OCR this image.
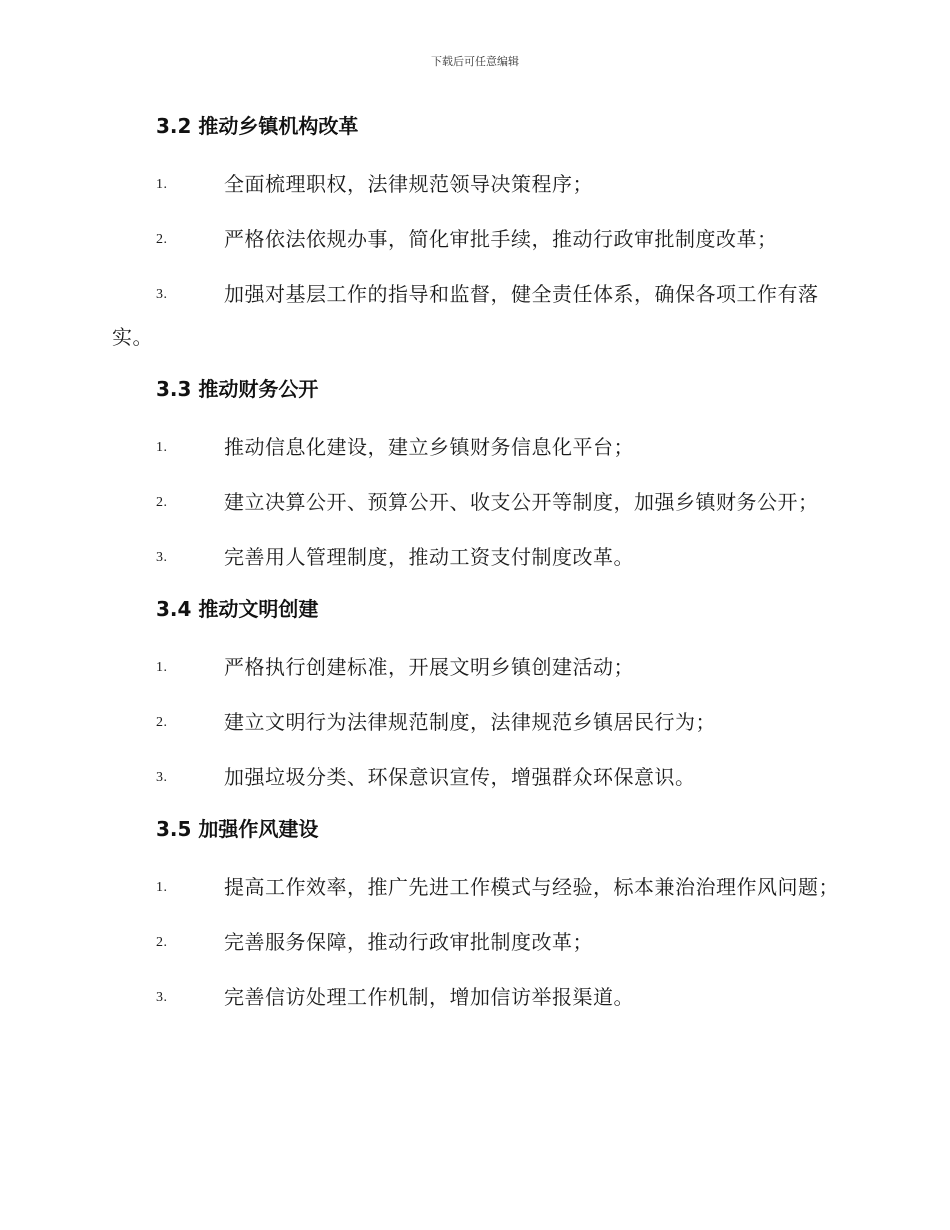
下载后可任意编辑
3.2 推动乡镇机构改革
1.	全面梳理职权，法律规范领导决策程序；
2.	严格依法依规办事，简化审批手续，推动行政审批制度改革；
3.	加强对基层工作的指导和监督，健全责任体系，确保各项工作有落实。
3.3 推动财务公开
1.	推动信息化建设，建立乡镇财务信息化平台；
2.	建立决算公开、预算公开、收支公开等制度，加强乡镇财务公开；
3.	完善用人管理制度，推动工资支付制度改革。
3.4 推动文明创建
1.	严格执行创建标准，开展文明乡镇创建活动；
2.	建立文明行为法律规范制度，法律规范乡镇居民行为；
3.	加强垃圾分类、环保意识宣传，增强群众环保意识。
3.5 加强作风建设
1.	提高工作效率，推广先进工作模式与经验，标本兼治治理作风问题；
2.	完善服务保障，推动行政审批制度改革；
3.	完善信访处理工作机制，增加信访举报渠道。
